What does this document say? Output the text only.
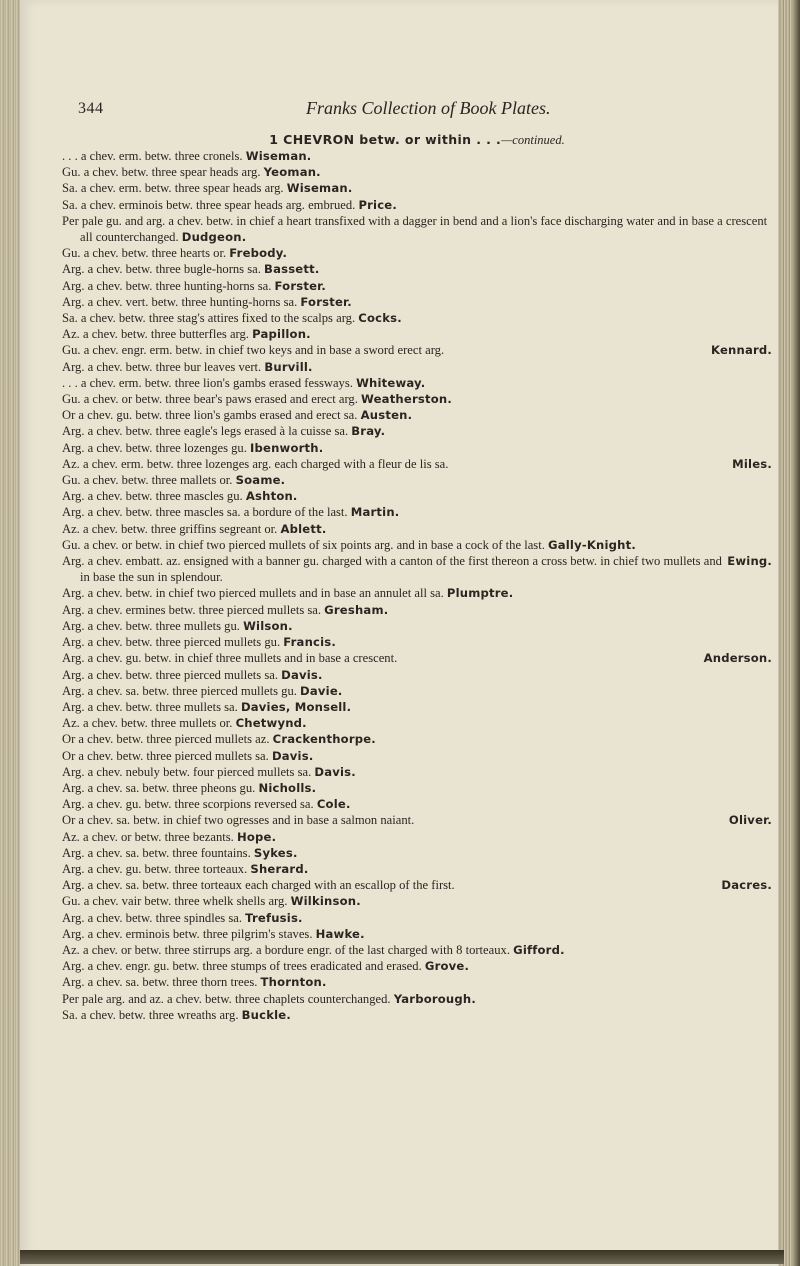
344	Franks Collection of Book Plates.
1 CHEVRON betw. or within . . .—continued.

. . . a chev. erm. betw. three cronels. Wiseman.

Gu. a chev. betw. three spear heads arg. Yeoman.

Sa. a chev. erm. betw. three spear heads arg. Wiseman.

Sa. a chev. erminois betw. three spear heads arg. embrued. Price.

Per pale gu. and arg. a chev. betw. in chief a heart transfixed with a dagger in bend and a lion's face discharging water and in base a crescent all counterchanged. Dudgeon.

Gu. a chev. betw. three hearts or. Frebody.

Arg. a chev. betw. three bugle-horns sa. Bassett.

Arg. a chev. betw. three hunting-horns sa. Forster.

Arg. a chev. vert. betw. three hunting-horns sa. Forster.

Sa. a chev. betw. three stag's attires fixed to the scalps arg. Cocks.

Az. a chev. betw. three butterfles arg. Papillon.

Kennard.
Gu. a chev. engr. erm. betw. in chief two keys and in base a sword erect arg.

Arg. a chev. betw. three bur leaves vert. Burvill.

. . . a chev. erm. betw. three lion's gambs erased fessways. Whiteway.

Gu. a chev. or betw. three bear's paws erased and erect arg. Weatherston.

Or a chev. gu. betw. three lion's gambs erased and erect sa. Austen.

Arg. a chev. betw. three eagle's legs erased à la cuisse sa. Bray.

Arg. a chev. betw. three lozenges gu. Ibenworth.

Miles.
Az. a chev. erm. betw. three lozenges arg. each charged with a fleur de lis sa.

Gu. a chev. betw. three mallets or. Soame.

Arg. a chev. betw. three mascles gu. Ashton.

Arg. a chev. betw. three mascles sa. a bordure of the last. Martin.

Az. a chev. betw. three griffins segreant or. Ablett.

Gu. a chev. or betw. in chief two pierced mullets of six points arg. and in base a cock of the last. Gally-Knight.

Ewing.
Arg. a chev. embatt. az. ensigned with a banner gu. charged with a canton of the first thereon a cross betw. in chief two mullets and in base the sun in splendour.

Arg. a chev. betw. in chief two pierced mullets and in base an annulet all sa. Plumptre.

Arg. a chev. ermines betw. three pierced mullets sa. Gresham.

Arg. a chev. betw. three mullets gu. Wilson.

Arg. a chev. betw. three pierced mullets gu. Francis.

Anderson.
Arg. a chev. gu. betw. in chief three mullets and in base a crescent.

Arg. a chev. betw. three pierced mullets sa. Davis.

Arg. a chev. sa. betw. three pierced mullets gu. Davie.

Arg. a chev. betw. three mullets sa. Davies, Monsell.

Az. a chev. betw. three mullets or. Chetwynd.

Or a chev. betw. three pierced mullets az. Crackenthorpe.

Or a chev. betw. three pierced mullets sa. Davis.

Arg. a chev. nebuly betw. four pierced mullets sa. Davis.

Arg. a chev. sa. betw. three pheons gu. Nicholls.

Arg. a chev. gu. betw. three scorpions reversed sa. Cole.

Oliver.
Or a chev. sa. betw. in chief two ogresses and in base a salmon naiant.

Az. a chev. or betw. three bezants. Hope.

Arg. a chev. sa. betw. three fountains. Sykes.

Arg. a chev. gu. betw. three torteaux. Sherard.

Dacres.
Arg. a chev. sa. betw. three torteaux each charged with an escallop of the first.

Gu. a chev. vair betw. three whelk shells arg. Wilkinson.

Arg. a chev. betw. three spindles sa. Trefusis.

Arg. a chev. erminois betw. three pilgrim's staves. Hawke.

Az. a chev. or betw. three stirrups arg. a bordure engr. of the last charged with 8 torteaux. Gifford.

Arg. a chev. engr. gu. betw. three stumps of trees eradicated and erased. Grove.

Arg. a chev. sa. betw. three thorn trees. Thornton.

Per pale arg. and az. a chev. betw. three chaplets counterchanged. Yarborough.

Sa. a chev. betw. three wreaths arg. Buckle.
